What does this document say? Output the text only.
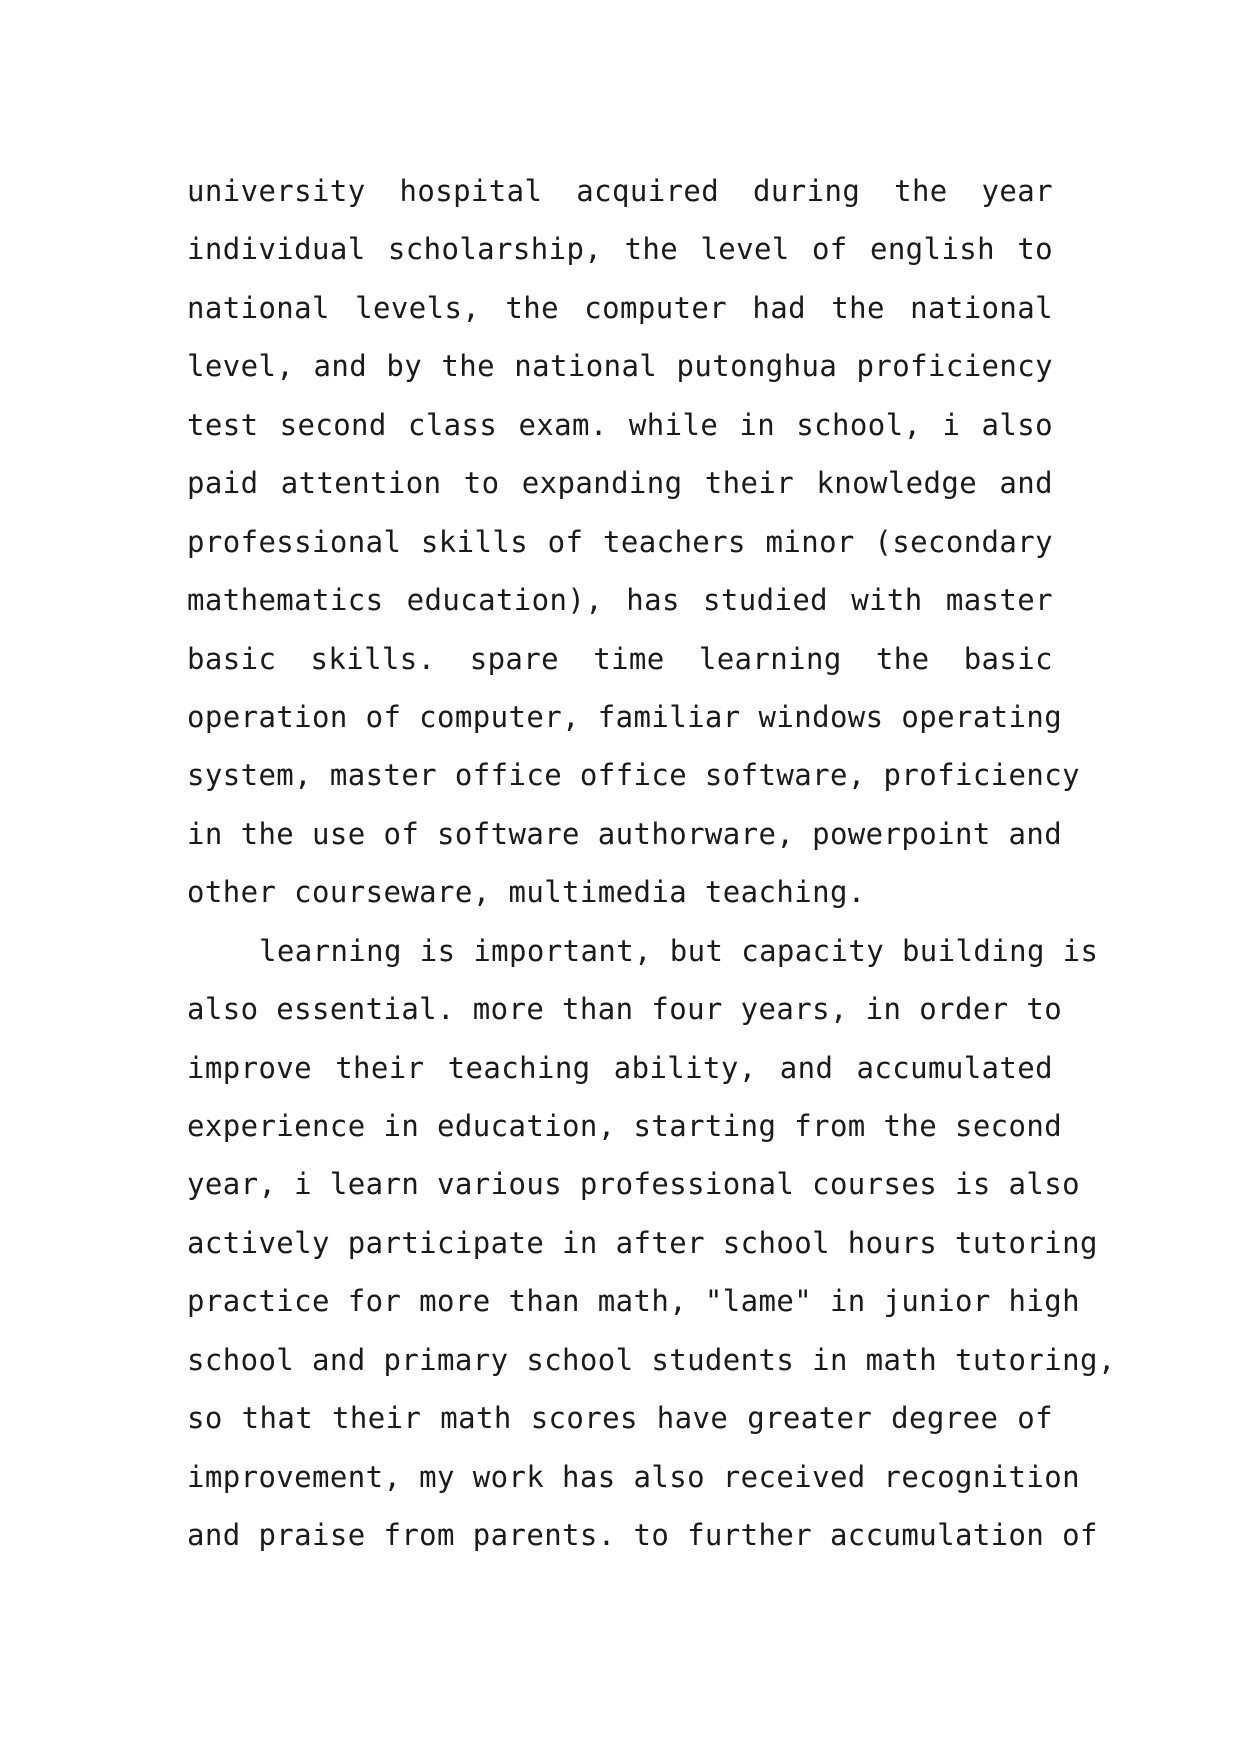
university hospital acquired during the year
individual scholarship, the level of english to
national levels, the computer had the national
level, and by the national putonghua proficiency
test second class exam. while in school, i also
paid attention to expanding their knowledge and
professional skills of teachers minor (secondary
mathematics education), has studied with master
basic skills. spare time learning the basic
operation of computer, familiar windows operating
system, master office office software, proficiency
in the use of software authorware, powerpoint and
other courseware, multimedia teaching.
learning is important, but capacity building is
also essential. more than four years, in order to
improve their teaching ability, and accumulated
experience in education, starting from the second
year, i learn various professional courses is also
actively participate in after school hours tutoring
practice for more than math, "lame" in junior high
school and primary school students in math tutoring,
so that their math scores have greater degree of
improvement, my work has also received recognition
and praise from parents. to further accumulation of
